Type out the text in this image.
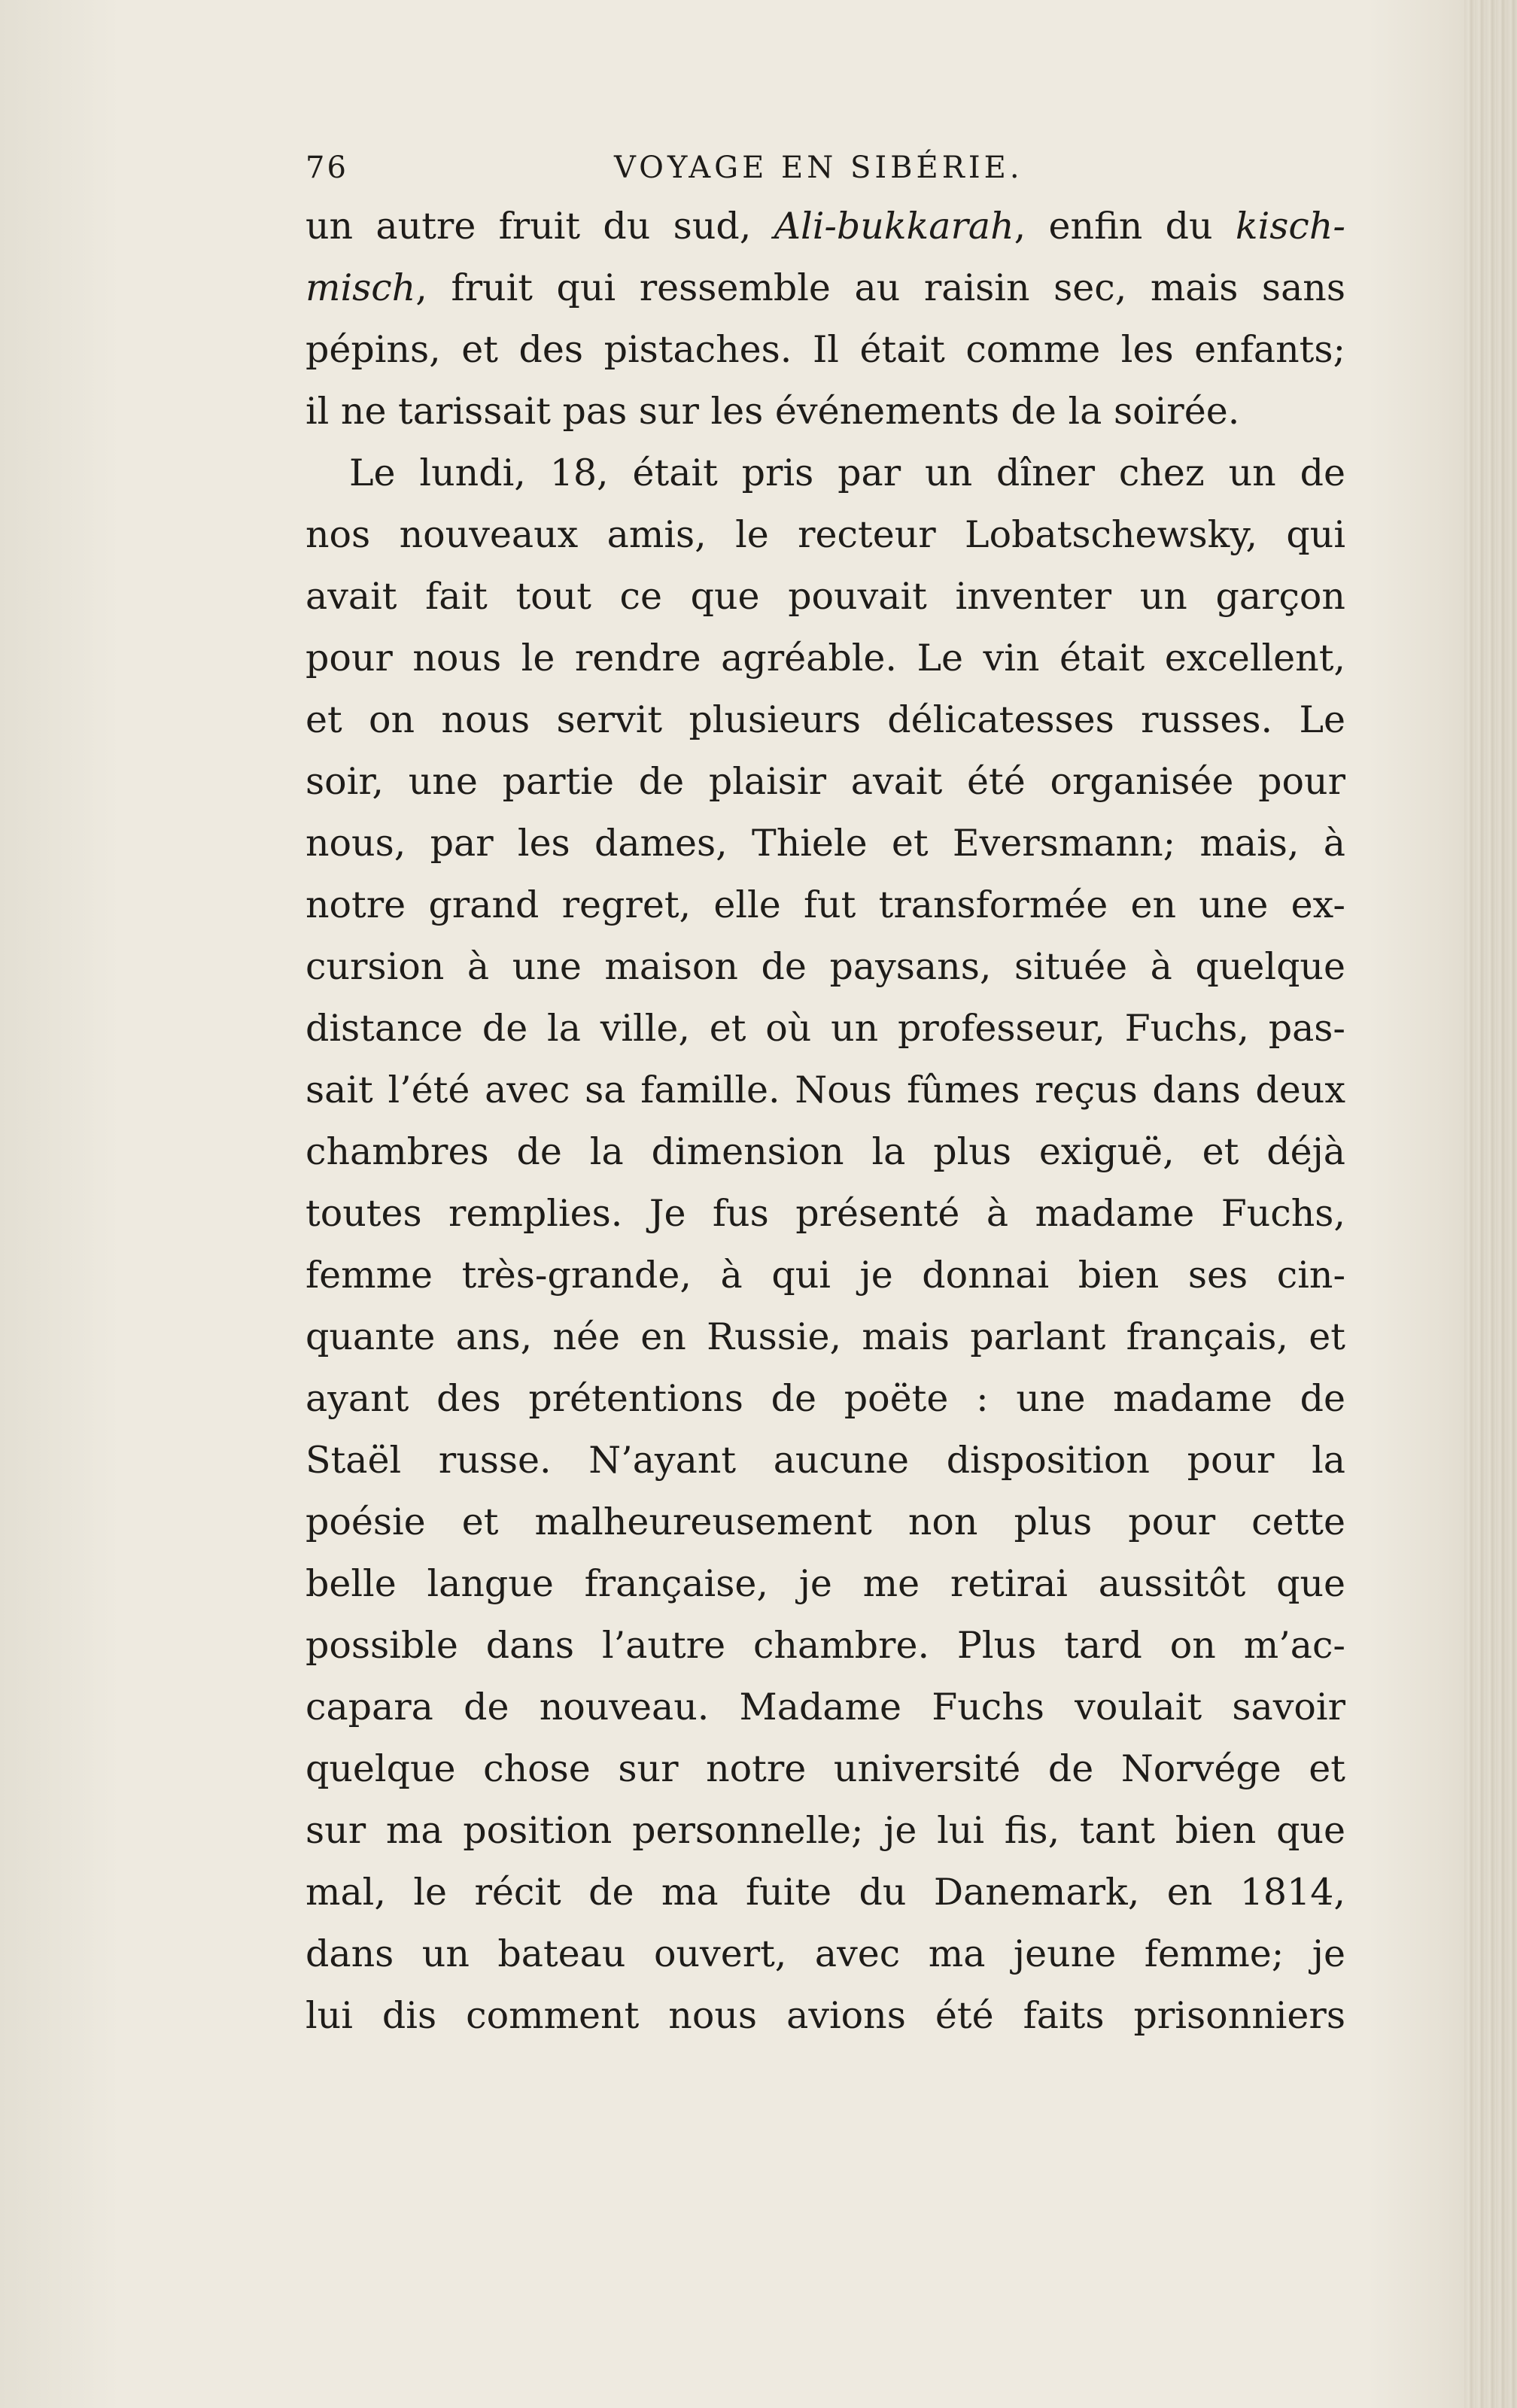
76	VOYAGE EN SIBÉRIE.
un autre fruit du sud, Ali-bukkarah, enfin du kisch-
misch, fruit qui ressemble au raisin sec, mais sans
pépins, et des pistaches. Il était comme les enfants;
il ne tarissait pas sur les événements de la soirée.
Le lundi, 18, était pris par un dîner chez un de
nos nouveaux amis, le recteur Lobatschewsky, qui
avait fait tout ce que pouvait inventer un garçon
pour nous le rendre agréable. Le vin était excellent,
et on nous servit plusieurs délicatesses russes. Le
soir, une partie de plaisir avait été organisée pour
nous, par les dames, Thiele et Eversmann; mais, à
notre grand regret, elle fut transformée en une ex-
cursion à une maison de paysans, située à quelque
distance de la ville, et où un professeur, Fuchs, pas-
sait l’été avec sa famille. Nous fûmes reçus dans deux
chambres de la dimension la plus exiguë, et déjà
toutes remplies. Je fus présenté à madame Fuchs,
femme très-grande, à qui je donnai bien ses cin-
quante ans, née en Russie, mais parlant français, et
ayant des prétentions de poëte : une madame de
Staël russe. N’ayant aucune disposition pour la
poésie et malheureusement non plus pour cette
belle langue française, je me retirai aussitôt que
possible dans l’autre chambre. Plus tard on m’ac-
capara de nouveau. Madame Fuchs voulait savoir
quelque chose sur notre université de Norvége et
sur ma position personnelle; je lui fis, tant bien que
mal, le récit de ma fuite du Danemark, en 1814,
dans un bateau ouvert, avec ma jeune femme; je
lui dis comment nous avions été faits prisonniers
